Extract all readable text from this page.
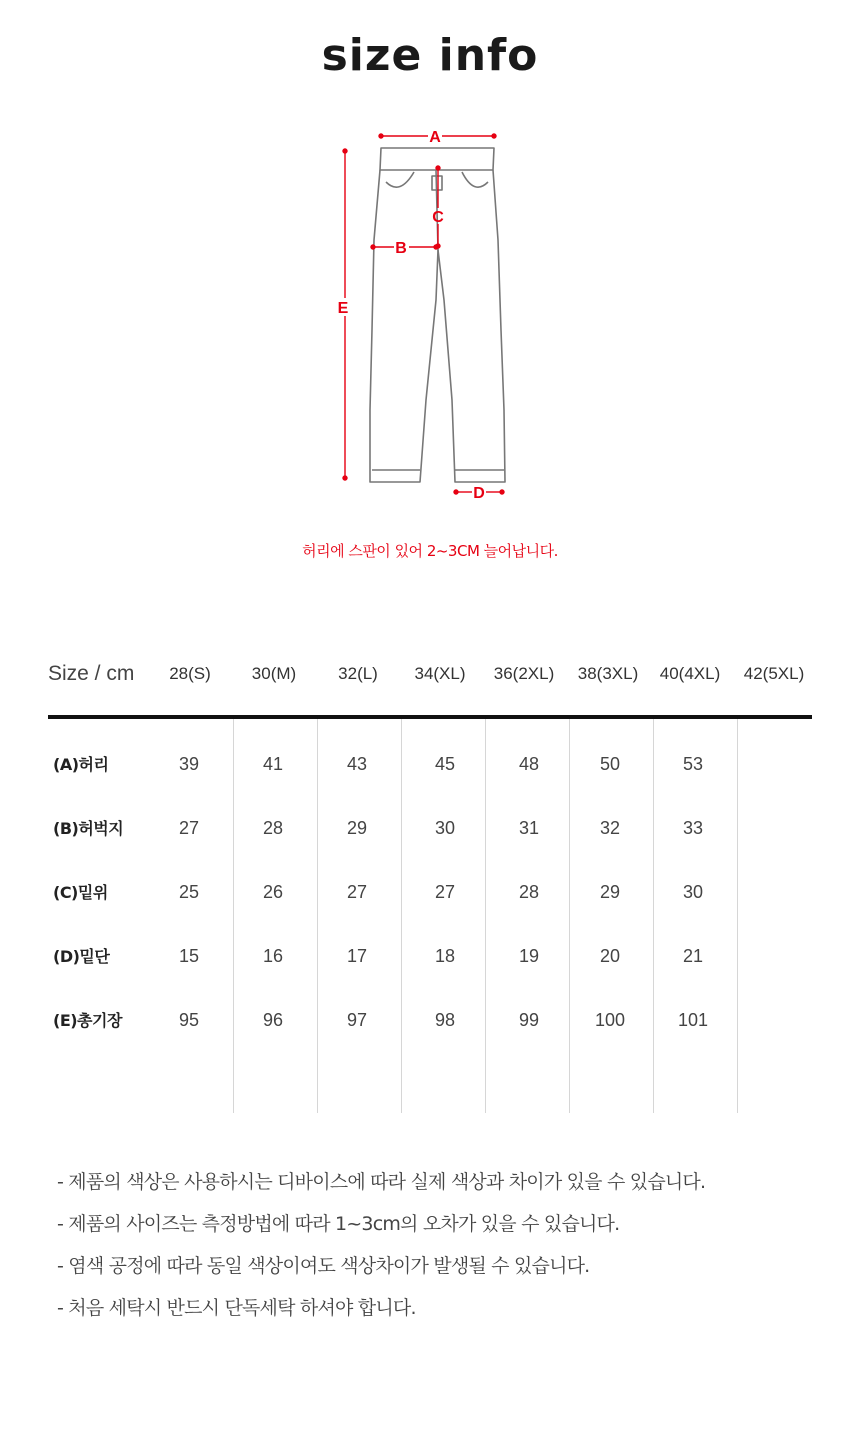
size info
A
B
C
D
E
허리에 스판이 있어 2~3CM 늘어납니다.
Size / cm	28(S)	30(M)	32(L)	34(XL)	36(2XL)	38(3XL)	40(4XL)	42(5XL)
(A)허리	39	41	43	45	48	50	53
(B)허벅지	27	28	29	30	31	32	33
(C)밑위	25	26	27	27	28	29	30
(D)밑단	15	16	17	18	19	20	21
(E)총기장	95	96	97	98	99	100	101
- 제품의 색상은 사용하시는 디바이스에 따라 실제 색상과 차이가 있을 수 있습니다.
- 제품의 사이즈는 측정방법에 따라 1~3cm의 오차가 있을 수 있습니다.
- 염색 공정에 따라 동일 색상이여도 색상차이가 발생될 수 있습니다.
- 처음 세탁시 반드시 단독세탁 하셔야 합니다.
